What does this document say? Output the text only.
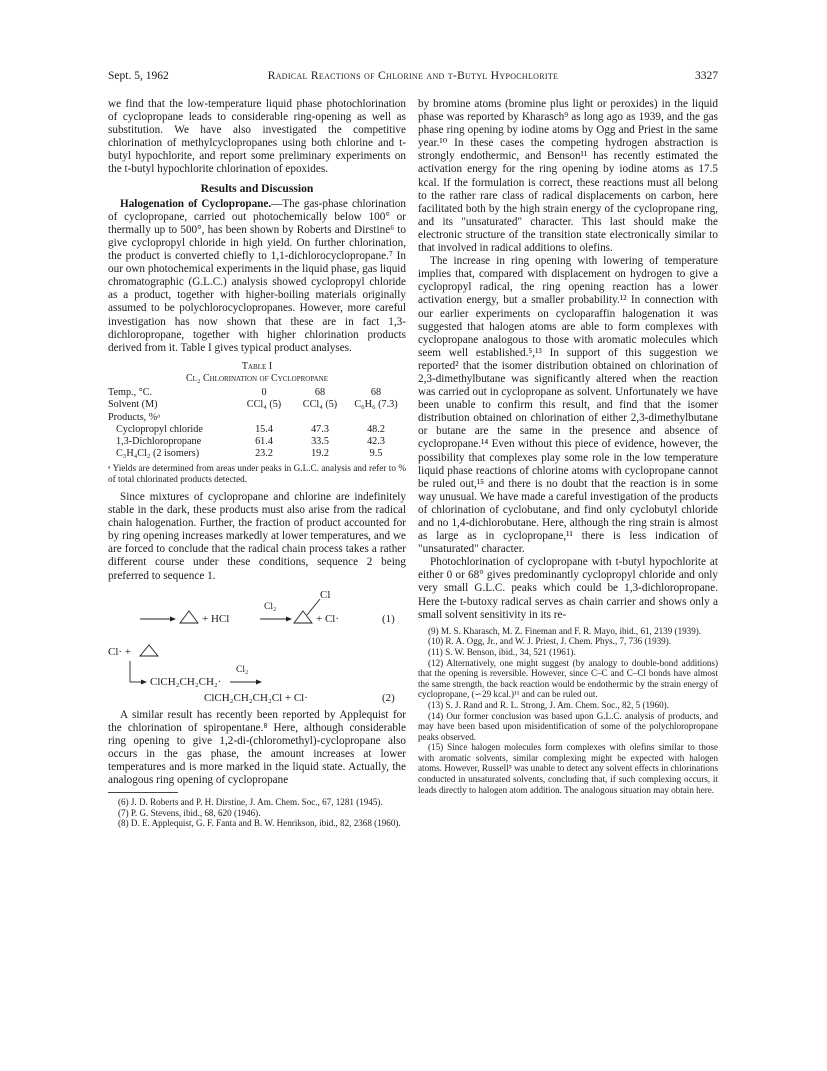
Sept. 5, 1962	Radical Reactions of Chlorine and t-Butyl Hypochlorite	3327

we find that the low-temperature liquid phase photochlorination of cyclopropane leads to considerable ring-opening as well as substitution. We have also investigated the competitive chlorination of methylcyclopropanes using both chlorine and t-butyl hypochlorite, and report some preliminary experiments on the t-butyl hypochlorite chlorination of epoxides.

Results and Discussion

Halogenation of Cyclopropane.—The gas-phase chlorination of cyclopropane, carried out photochemically below 100° or thermally up to 500°, has been shown by Roberts and Dirstine⁶ to give cyclopropyl chloride in high yield. On further chlorination, the product is converted chiefly to 1,1-dichlorocyclopropane.⁷ In our own photochemical experiments in the liquid phase, gas liquid chromatographic (G.L.C.) analysis showed cyclopropyl chloride as a product, together with higher-boiling materials originally assumed to be polychlorocyclopropanes. However, more careful investigation has now shown that these are in fact 1,3-dichloropropane, together with higher chlorination products derived from it. Table I gives typical product analyses.

Table I
Cl₂ Chlorination of Cyclopropane
Temp., °C.	0	68	68
Solvent (M)	CCl₄ (5)	CCl₄ (5)	C₆H₆ (7.3)
Products, %ᵃ
Cyclopropyl chloride	15.4	47.3	48.2
1,3-Dichloropropane	61.4	33.5	42.3
C₃H₄Cl₂ (2 isomers)	23.2	19.2	9.5
ᵃ Yields are determined from areas under peaks in G.L.C. analysis and refer to % of total chlorinated products detected.

Since mixtures of cyclopropane and chlorine are indefinitely stable in the dark, these products must also arise from the radical chain halogenation. Further, the fraction of product accounted for by ring opening increases markedly at lower temperatures, and we are forced to conclude that the radical chain process takes a rather different course under these conditions, sequence 2 being preferred to sequence 1.

+ HCl
Cl₂
Cl
+ Cl·	(1)
Cl· +
ClCH₂CH₂CH₂·
Cl₂
ClCH₂CH₂CH₂Cl + Cl·	(2)

A similar result has recently been reported by Applequist for the chlorination of spiropentane.⁸ Here, although considerable ring opening to give 1,2-di-(chloromethyl)-cyclopropane also occurs in the gas phase, the amount increases at lower temperatures and is more marked in the liquid state. Actually, the analogous ring opening of cyclopropane

(6) J. D. Roberts and P. H. Dirstine, J. Am. Chem. Soc., 67, 1281 (1945).
(7) P. G. Stevens, ibid., 68, 620 (1946).
(8) D. E. Applequist, G. F. Fanta and B. W. Henrikson, ibid., 82, 2368 (1960).

by bromine atoms (bromine plus light or peroxides) in the liquid phase was reported by Kharasch⁹ as long ago as 1939, and the gas phase ring opening by iodine atoms by Ogg and Priest in the same year.¹⁰ In these cases the competing hydrogen abstraction is strongly endothermic, and Benson¹¹ has recently estimated the activation energy for the ring opening by iodine atoms as 17.5 kcal. If the formulation is correct, these reactions must all belong to the rather rare class of radical displacements on carbon, here facilitated both by the high strain energy of the cyclopropane ring, and its "unsaturated" character. This last should make the electronic structure of the transition state electronically similar to that involved in radical additions to olefins.

The increase in ring opening with lowering of temperature implies that, compared with displacement on hydrogen to give a cyclopropyl radical, the ring opening reaction has a lower activation energy, but a smaller probability.¹² In connection with our earlier experiments on cycloparaffin halogenation it was suggested that halogen atoms are able to form complexes with cyclopropane analogous to those with aromatic molecules which seem well established.⁵,¹³ In support of this suggestion we reported² that the isomer distribution obtained on chlorination of 2,3-dimethylbutane was significantly altered when the reaction was carried out in cyclopropane as solvent. Unfortunately we have been unable to confirm this result, and find that the isomer distribution obtained on chlorination of either 2,3-dimethylbutane or butane are the same in the presence and absence of cyclopropane.¹⁴ Even without this piece of evidence, however, the possibility that complexes play some role in the low temperature liquid phase reactions of chlorine atoms with cyclopropane cannot be ruled out,¹⁵ and there is no doubt that the reaction is in some way unusual. We have made a careful investigation of the products of chlorination of cyclobutane, and find only cyclobutyl chloride and no 1,4-dichlorobutane. Here, although the ring strain is almost as large as in cyclopropane,¹¹ there is less indication of "unsaturated" character.

Photochlorination of cyclopropane with t-butyl hypochlorite at either 0 or 68° gives predominantly cyclopropyl chloride and only very small G.L.C. peaks which could be 1,3-dichloropropane. Here the t-butoxy radical serves as chain carrier and shows only a small solvent sensitivity in its re-

(9) M. S. Kharasch, M. Z. Fineman and F. R. Mayo, ibid., 61, 2139 (1939).
(10) R. A. Ogg, Jr., and W. J. Priest, J. Chem. Phys., 7, 736 (1939).
(11) S. W. Benson, ibid., 34, 521 (1961).
(12) Alternatively, one might suggest (by analogy to double-bond additions) that the opening is reversible. However, since C–C and C–Cl bonds have almost the same strength, the back reaction would be endothermic by the strain energy of cyclopropane, (∽29 kcal.)¹¹ and can be ruled out.
(13) S. J. Rand and R. L. Strong, J. Am. Chem. Soc., 82, 5 (1960).
(14) Our former conclusion was based upon G.L.C. analysis of products, and may have been based upon misidentification of some of the polychloropropane peaks observed.
(15) Since halogen molecules form complexes with olefins similar to those with aromatic solvents, similar complexing might be expected with halogen atoms. However, Russell⁵ was unable to detect any solvent effects in chlorinations conducted in unsaturated solvents, concluding that, if such complexing occurs, it leads directly to halogen atom addition. The analogous situation may obtain here.
